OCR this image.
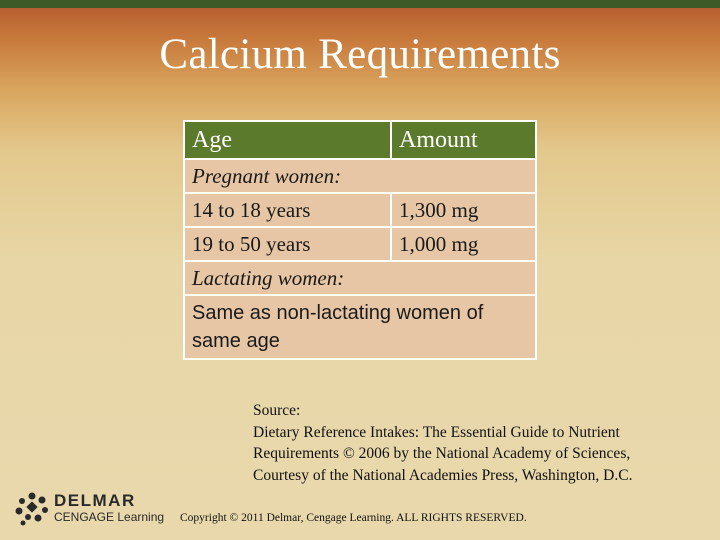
Calcium Requirements
Age	Amount
Pregnant women:	
14 to 18 years	1,300 mg
19 to 50 years	1,000 mg
Lactating women:	
Same as non-lactating women of same age	
Source:
Dietary Reference Intakes: The Essential Guide to Nutrient
Requirements © 2006 by the National Academy of Sciences,
Courtesy of the National Academies Press, Washington, D.C.
DELMAR
CENGAGE Learning Copyright © 2011 Delmar, Cengage Learning. ALL RIGHTS RESERVED.
